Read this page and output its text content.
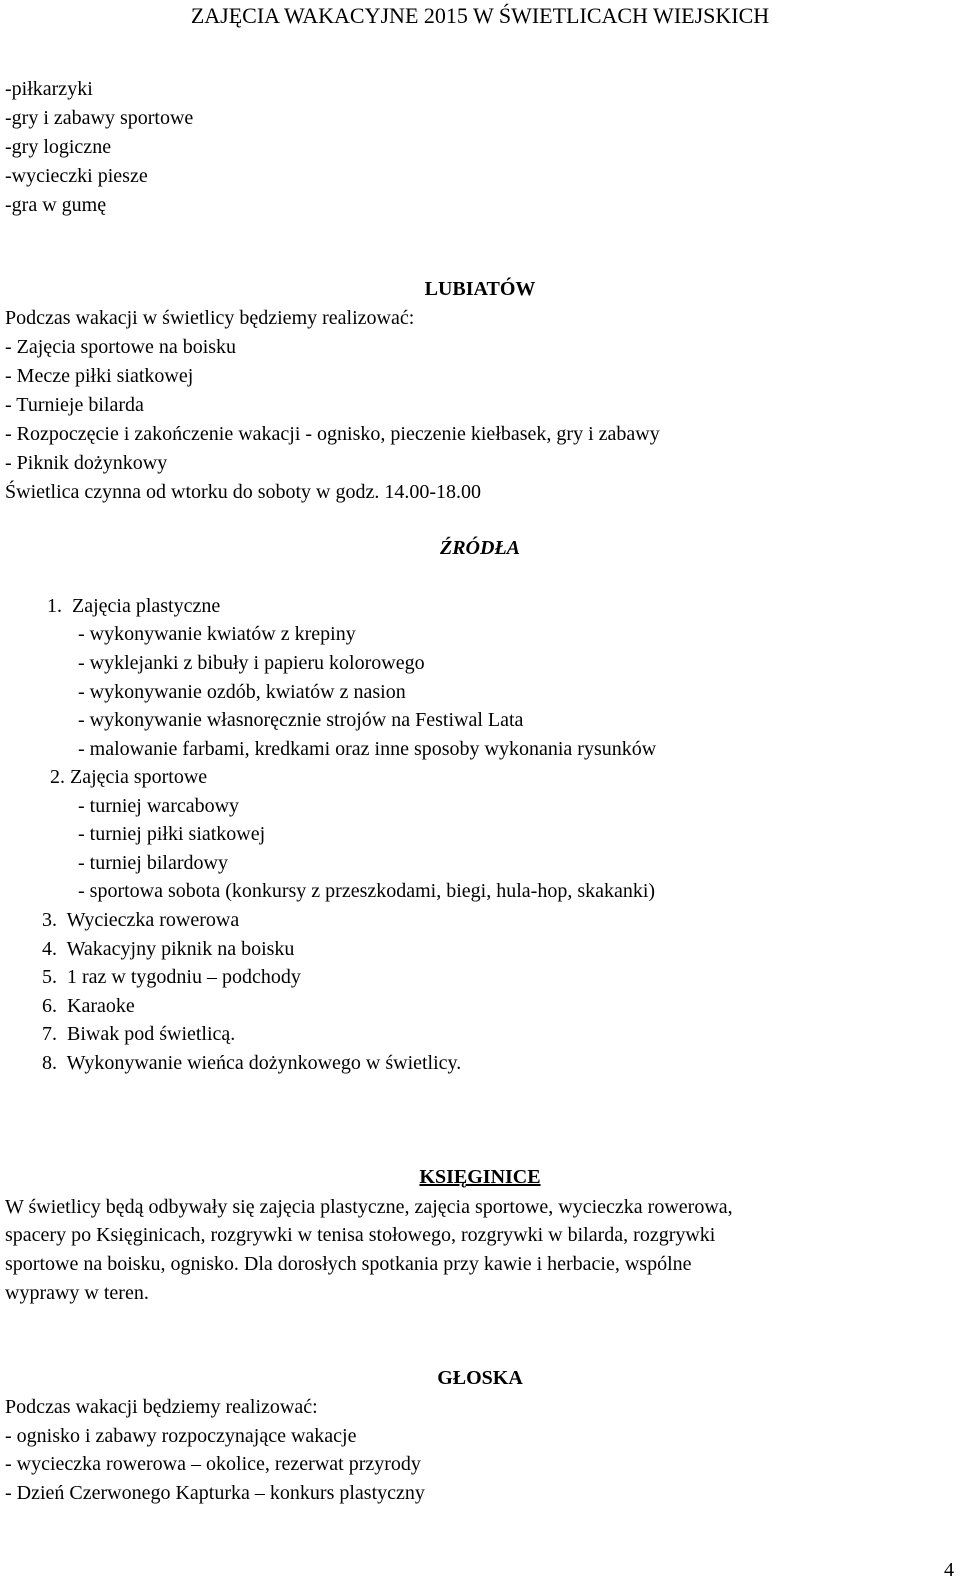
ZAJĘCIA WAKACYJNE 2015 W ŚWIETLICACH WIEJSKICH
-piłkarzyki
-gry i zabawy sportowe
-gry logiczne
-wycieczki piesze
-gra w gumę
LUBIATÓW
Podczas wakacji w świetlicy będziemy realizować:
- Zajęcia sportowe na boisku
- Mecze piłki siatkowej
- Turnieje bilarda
- Rozpoczęcie i zakończenie wakacji - ognisko, pieczenie kiełbasek, gry i zabawy
- Piknik dożynkowy
Świetlica czynna od wtorku do soboty w godz. 14.00-18.00
ŹRÓDŁA
1.  Zajęcia plastyczne
- wykonywanie kwiatów z krepiny
- wyklejanki z bibuły i papieru kolorowego
- wykonywanie ozdób, kwiatów z nasion
- wykonywanie własnoręcznie strojów na Festiwal Lata
- malowanie farbami, kredkami oraz inne sposoby wykonania rysunków
2. Zajęcia sportowe
- turniej warcabowy
- turniej piłki siatkowej
- turniej bilardowy
- sportowa sobota (konkursy z przeszkodami, biegi, hula-hop, skakanki)
3.  Wycieczka rowerowa
4.  Wakacyjny piknik na boisku
5.  1 raz w tygodniu – podchody
6.  Karaoke
7.  Biwak pod świetlicą.
8.  Wykonywanie wieńca dożynkowego w świetlicy.
KSIĘGINICE
W świetlicy będą odbywały się zajęcia plastyczne, zajęcia sportowe, wycieczka rowerowa,
spacery po Księginicach, rozgrywki w tenisa stołowego, rozgrywki w bilarda, rozgrywki
sportowe na boisku, ognisko. Dla dorosłych spotkania przy kawie i herbacie, wspólne
wyprawy w teren.
GŁOSKA
Podczas wakacji będziemy realizować:
- ognisko i zabawy rozpoczynające wakacje
- wycieczka rowerowa – okolice, rezerwat przyrody
- Dzień Czerwonego Kapturka – konkurs plastyczny
4
